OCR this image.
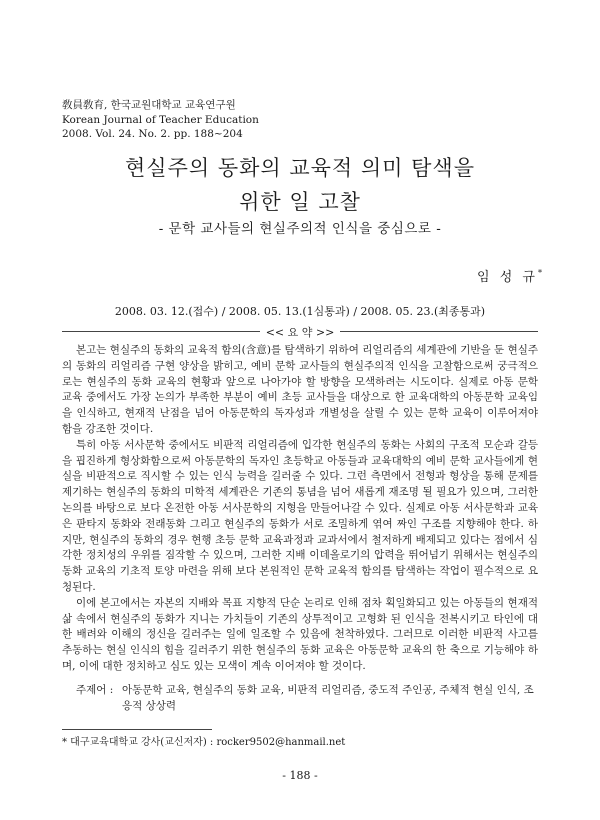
敎員敎育, 한국교원대학교 교육연구원
Korean Journal of Teacher Education
2008. Vol. 24. No. 2. pp. 188~204
현실주의 동화의 교육적 의미 탐색을
위한 일 고찰
- 문학 교사들의 현실주의적 인식을 중심으로 -
임 성 규*
2008. 03. 12.(접수) / 2008. 05. 13.(1심통과) / 2008. 05. 23.(최종통과)
<< 요 약 >>

본고는 현실주의 동화의 교육적 함의(含意)를 탐색하기 위하여 리얼리즘의 세계관에 기반을 둔 현실주의 동화의 리얼리즘 구현 양상을 밝히고, 예비 문학 교사들의 현실주의적 인식을 고찰함으로써 궁극적으로는 현실주의 동화 교육의 현황과 앞으로 나아가야 할 방향을 모색하려는 시도이다. 실제로 아동 문학 교육 중에서도 가장 논의가 부족한 부분이 예비 초등 교사들을 대상으로 한 교육대학의 아동문학 교육임을 인식하고, 현재적 난점을 넘어 아동문학의 독자성과 개별성을 살릴 수 있는 문학 교육이 이루어져야 함을 강조한 것이다.

특히 아동 서사문학 중에서도 비판적 리얼리즘에 입각한 현실주의 동화는 사회의 구조적 모순과 갈등을 핍진하게 형상화함으로써 아동문학의 독자인 초등학교 아동들과 교육대학의 예비 문학 교사들에게 현실을 비판적으로 직시할 수 있는 인식 능력을 길러줄 수 있다. 그런 측면에서 전형과 형상을 통해 문제를 제기하는 현실주의 동화의 미학적 세계관은 기존의 통념을 넘어 새롭게 재조명 될 필요가 있으며, 그러한 논의를 바탕으로 보다 온전한 아동 서사문학의 지형을 만들어나갈 수 있다. 실제로 아동 서사문학과 교육은 판타지 동화와 전래동화 그리고 현실주의 동화가 서로 조밀하게 엮여 짜인 구조를 지향해야 한다. 하지만, 현실주의 동화의 경우 현행 초등 문학 교육과정과 교과서에서 철저하게 배제되고 있다는 점에서 심각한 정치성의 우위를 짐작할 수 있으며, 그러한 지배 이데올로기의 압력을 뛰어넘기 위해서는 현실주의 동화 교육의 기초적 토양 마련을 위해 보다 본원적인 문학 교육적 함의를 탐색하는 작업이 필수적으로 요청된다.

이에 본고에서는 자본의 지배와 목표 지향적 단순 논리로 인해 점차 획일화되고 있는 아동들의 현재적 삶 속에서 현실주의 동화가 지니는 가치들이 기존의 상투적이고 고형화 된 인식을 전복시키고 타인에 대한 배려와 이해의 정신을 길러주는 일에 일조할 수 있음에 천착하였다. 그러므로 이러한 비판적 사고를 추동하는 현실 인식의 힘을 길러주기 위한 현실주의 동화 교육은 아동문학 교육의 한 축으로 기능해야 하며, 이에 대한 정치하고 심도 있는 모색이 계속 이어져야 할 것이다.

주제어 : 아동문학 교육, 현실주의 동화 교육, 비판적 리얼리즘, 중도적 주인공, 주체적 현실 인식, 조응적 상상력
* 대구교육대학교 강사(교신저자) : rocker9502@hanmail.net
- 188 -
